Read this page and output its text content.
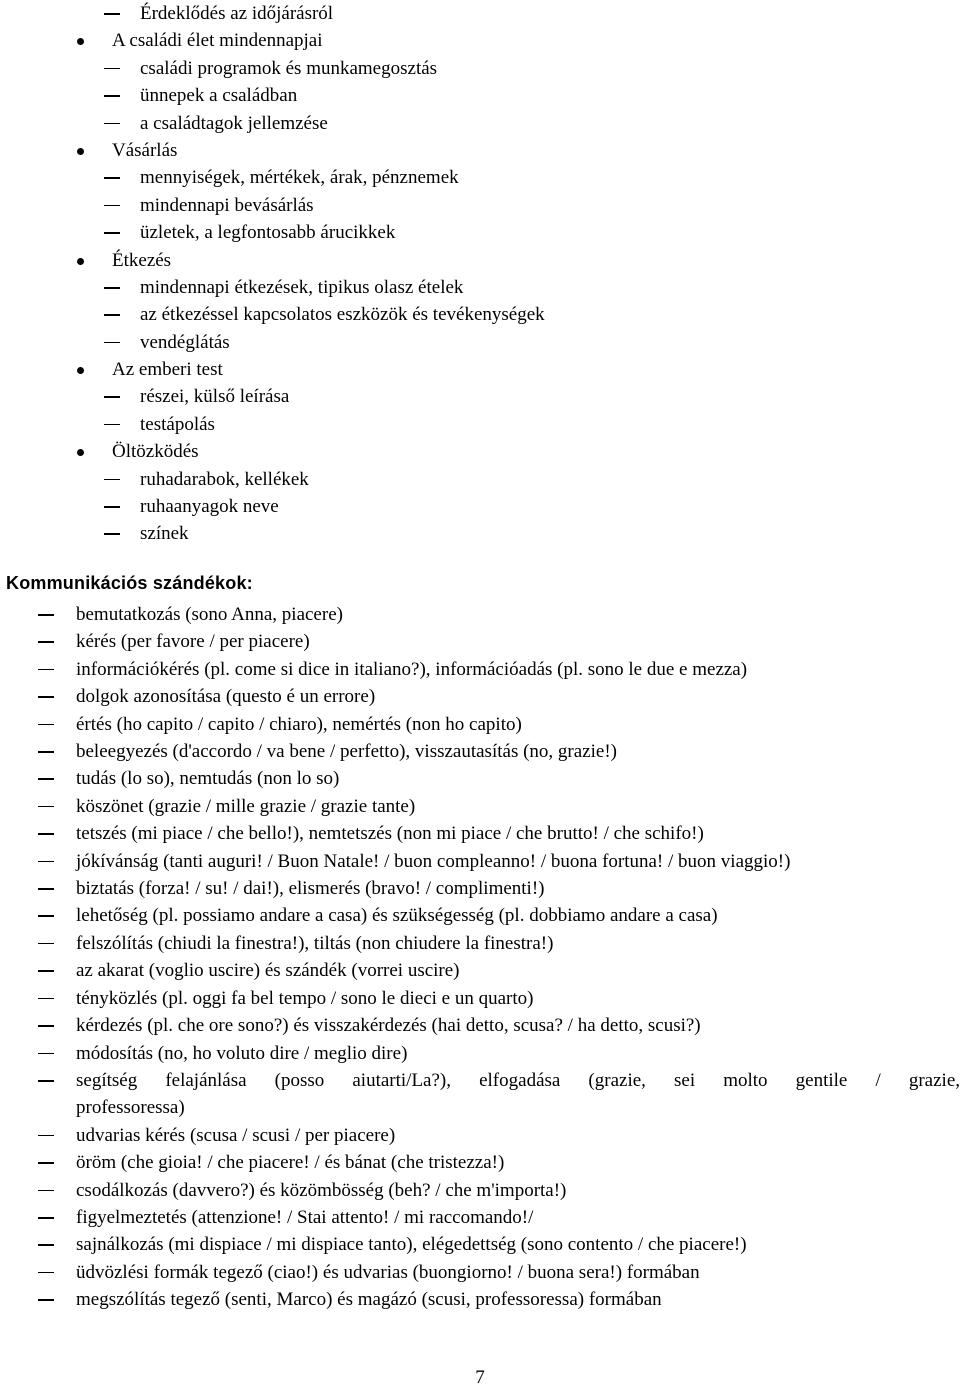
Érdeklődés az időjárásról
A családi élet mindennapjai
családi programok és munkamegosztás
ünnepek a családban
a családtagok jellemzése
Vásárlás
mennyiségek, mértékek, árak, pénznemek
mindennapi bevásárlás
üzletek, a legfontosabb árucikkek
Étkezés
mindennapi étkezések, tipikus olasz ételek
az étkezéssel kapcsolatos eszközök és tevékenységek
vendéglátás
Az emberi test
részei, külső leírása
testápolás
Öltözködés
ruhadarabok, kellékek
ruhaanyagok neve
színek
Kommunikációs szándékok:
bemutatkozás (sono Anna, piacere)
kérés (per favore / per piacere)
információkérés (pl. come si dice in italiano?), információadás (pl. sono le due e mezza)
dolgok azonosítása (questo é un errore)
értés (ho capito / capito / chiaro), nemértés (non ho capito)
beleegyezés (d'accordo / va bene / perfetto), visszautasítás (no, grazie!)
tudás (lo so), nemtudás (non lo so)
köszönet (grazie / mille grazie / grazie tante)
tetszés (mi piace / che bello!), nemtetszés (non mi piace / che brutto! / che schifo!)
jókívánság (tanti auguri! / Buon Natale! / buon compleanno! / buona fortuna! / buon viaggio!)
biztatás (forza! / su! / dai!), elismerés (bravo! / complimenti!)
lehetőség (pl. possiamo andare a casa) és szükségesség (pl. dobbiamo andare a casa)
felszólítás (chiudi la finestra!), tiltás (non chiudere la finestra!)
az akarat (voglio uscire) és szándék (vorrei uscire)
tényközlés (pl. oggi fa bel tempo / sono le dieci e un quarto)
kérdezés (pl. che ore sono?) és visszakérdezés (hai detto, scusa? / ha detto, scusi?)
módosítás (no, ho voluto dire / meglio dire)
segítség felajánlása (posso aiutarti/La?), elfogadása (grazie, sei molto gentile / grazie,
professoressa)
udvarias kérés (scusa / scusi / per piacere)
öröm (che gioia! / che piacere! / és bánat (che tristezza!)
csodálkozás (davvero?) és közömbösség (beh? / che m'importa!)
figyelmeztetés (attenzione! / Stai attento! / mi raccomando!/
sajnálkozás (mi dispiace / mi dispiace tanto), elégedettség (sono contento / che piacere!)
üdvözlési formák tegező (ciao!) és udvarias (buongiorno! / buona sera!) formában
megszólítás tegező (senti, Marco) és magázó (scusi, professoressa) formában
7
